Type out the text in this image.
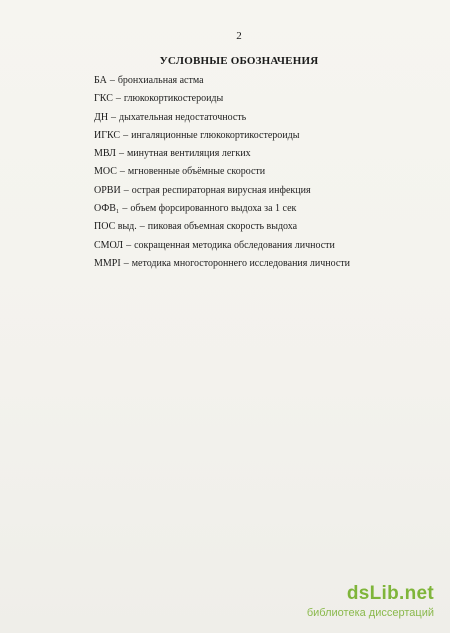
2
УСЛОВНЫЕ ОБОЗНАЧЕНИЯ
БА – бронхиальная астма
ГКС – глюкокортикостероиды
ДН – дыхательная недостаточность
ИГКС – ингаляционные глюкокортикостероиды
МВЛ – минутная вентиляция легких
МОС – мгновенные объёмные скорости
ОРВИ – острая респираторная вирусная инфекция
ОФВ₁ – объем форсированного выдоха за 1 сек
ПОС выд. – пиковая объемная скорость выдоха
СМОЛ – сокращенная методика обследования личности
MMPI – методика многостороннего исследования личности
dsLib.net
библиотека диссертаций
